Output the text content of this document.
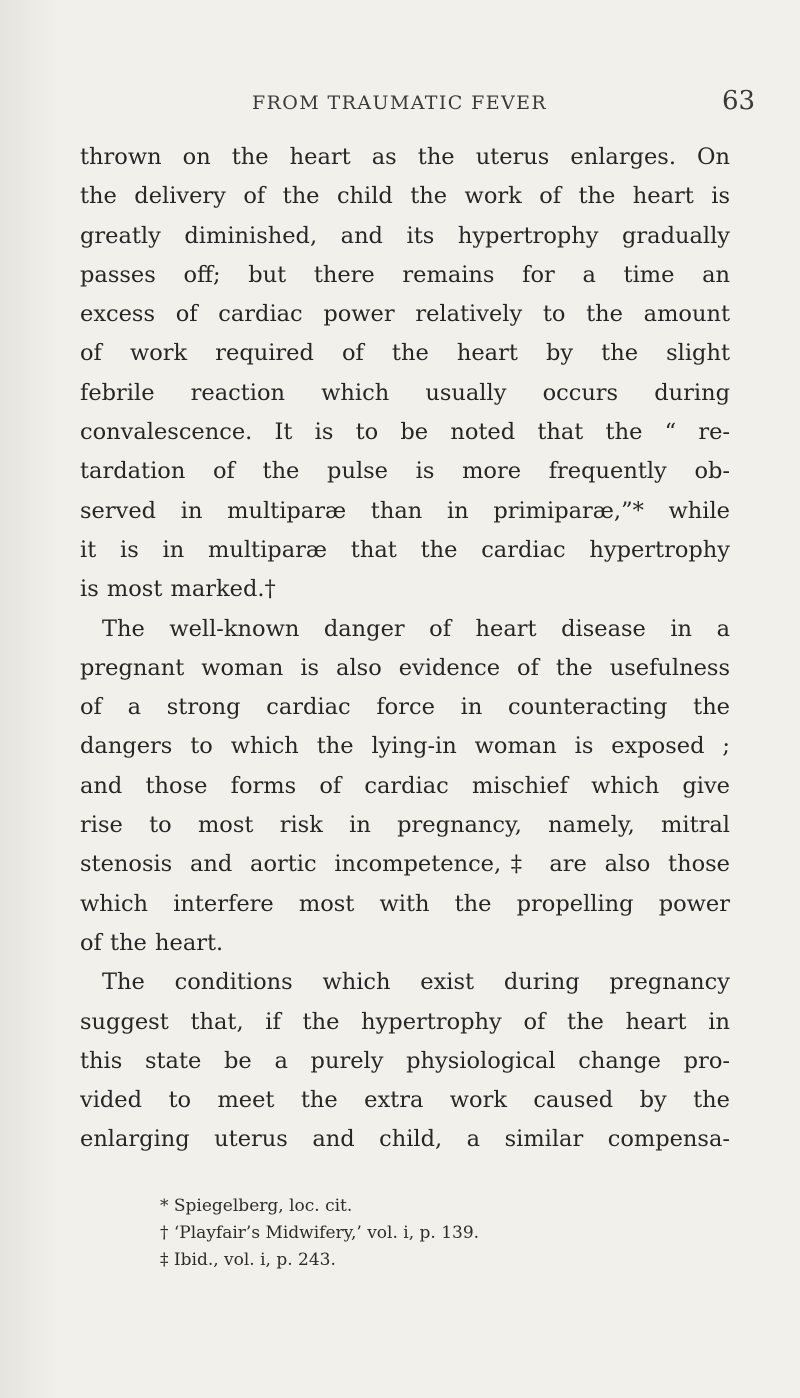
FROM TRAUMATIC FEVER	63
thrown on the heart as the uterus enlarges. On
the delivery of the child the work of the heart is
greatly diminished, and its hypertrophy gradually
passes off; but there remains for a time an
excess of cardiac power relatively to the amount
of work required of the heart by the slight
febrile reaction which usually occurs during
convalescence. It is to be noted that the “ re-
tardation of the pulse is more frequently ob-
served in multiparæ than in primiparæ,”* while
it is in multiparæ that the cardiac hypertrophy
is most marked.†
The well-known danger of heart disease in a
pregnant woman is also evidence of the usefulness
of a strong cardiac force in counteracting the
dangers to which the lying-in woman is exposed ;
and those forms of cardiac mischief which give
rise to most risk in pregnancy, namely, mitral
stenosis and aortic incompetence,‡ are also those
which interfere most with the propelling power
of the heart.
The conditions which exist during pregnancy
suggest that, if the hypertrophy of the heart in
this state be a purely physiological change pro-
vided to meet the extra work caused by the
enlarging uterus and child, a similar compensa-
* Spiegelberg, loc. cit.
† ‘Playfair’s Midwifery,’ vol. i, p. 139.
‡ Ibid., vol. i, p. 243.
